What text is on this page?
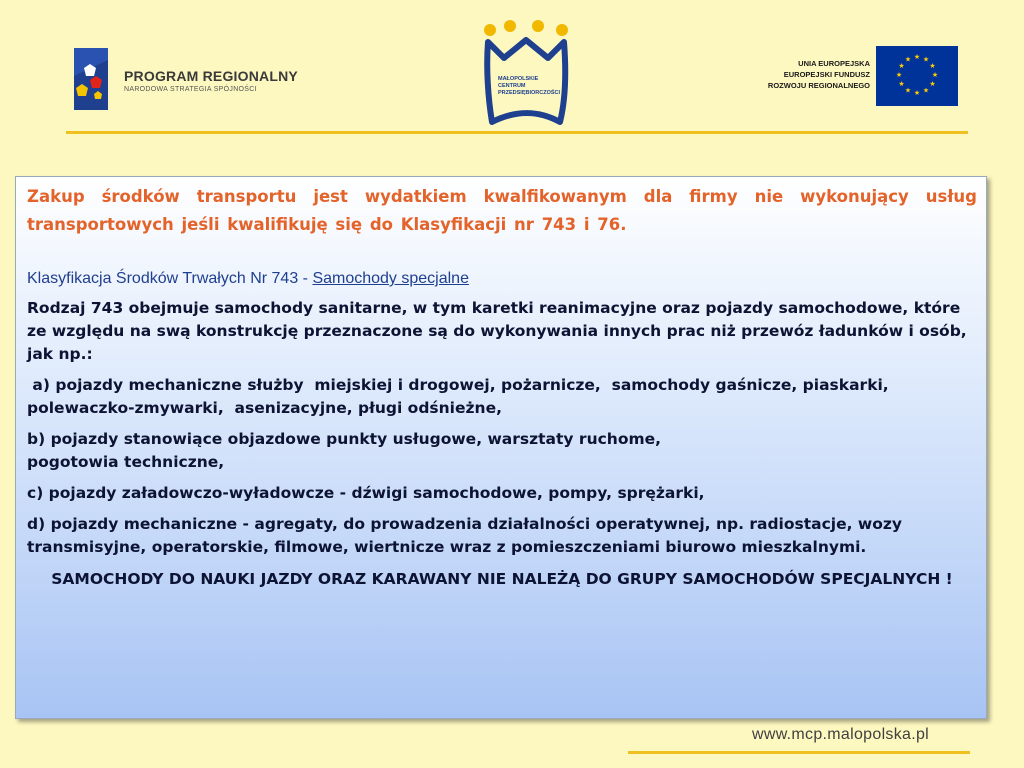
PROGRAM REGIONALNY
NARODOWA STRATEGIA SPÓJNOŚCI
MAŁOPOLSKIE
CENTRUM
PRZEDSIĘBIORCZOŚCI
UNIA EUROPEJSKA
EUROPEJSKI FUNDUSZ
ROZWOJU REGIONALNEGO
★ ★
★
★
★
★
★
★
★
★
★
★

Zakup środków transportu jest wydatkiem kwalfikowanym dla firmy nie wykonujący usług transportowych jeśli kwalifikuję się do Klasyfikacji nr 743 i 76.

Klasyfikacja Środków Trwałych Nr 743 - Samochody specjalne

Rodzaj 743 obejmuje samochody sanitarne, w tym karetki reanimacyjne oraz pojazdy samochodowe, które ze względu na swą konstrukcję przeznaczone są do wykonywania innych prac niż przewóz ładunków i osób, jak np.:

a) pojazdy mechaniczne służby  miejskiej i drogowej, pożarnicze,  samochody gaśnicze, piaskarki,  polewaczko-zmywarki,  asenizacyjne, pługi odśnieżne,

b) pojazdy stanowiące objazdowe punkty usługowe, warsztaty ruchome,
pogotowia techniczne,

c) pojazdy załadowczo-wyładowcze - dźwigi samochodowe, pompy, sprężarki,

d) pojazdy mechaniczne - agregaty, do prowadzenia działalności operatywnej, np. radiostacje, wozy transmisyjne, operatorskie, filmowe, wiertnicze wraz z pomieszczeniami biurowo mieszkalnymi.

SAMOCHODY DO NAUKI JAZDY ORAZ KARAWANY NIE NALEŻĄ DO GRUPY SAMOCHODÓW SPECJALNYCH !

www.mcp.malopolska.pl
